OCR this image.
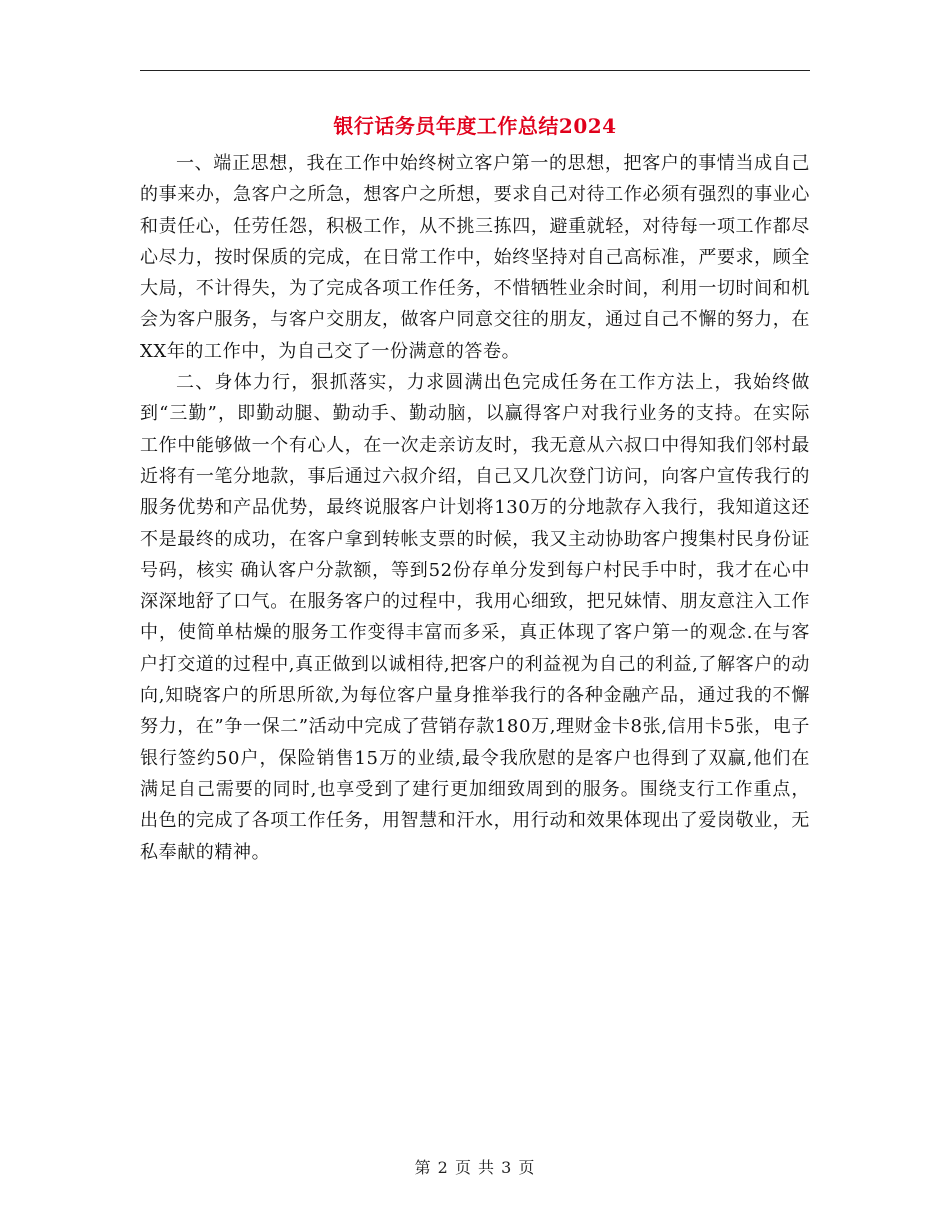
银行话务员年度工作总结2024

一、端正思想，我在工作中始终树立客户第一的思想，把客户的事情当成自己的事来办，急客户之所急，想客户之所想，要求自己对待工作必须有强烈的事业心和责任心，任劳任怨，积极工作，从不挑三拣四，避重就轻，对待每一项工作都尽心尽力，按时保质的完成，在日常工作中，始终坚持对自己高标准，严要求，顾全大局，不计得失，为了完成各项工作任务，不惜牺牲业余时间，利用一切时间和机会为客户服务，与客户交朋友，做客户同意交往的朋友，通过自己不懈的努力，在XX年的工作中，为自己交了一份满意的答卷。

二、身体力行，狠抓落实，力求圆满出色完成任务在工作方法上，我始终做到“三勤”，即勤动腿、勤动手、勤动脑，以赢得客户对我行业务的支持。在实际工作中能够做一个有心人，在一次走亲访友时，我无意从六叔口中得知我们邻村最近将有一笔分地款，事后通过六叔介绍，自己又几次登门访问，向客户宣传我行的服务优势和产品优势，最终说服客户计划将130万的分地款存入我行，我知道这还不是最终的成功，在客户拿到转帐支票的时候，我又主动协助客户搜集村民身份证号码，核实 确认客户分款额，等到52份存单分发到每户村民手中时，我才在心中深深地舒了口气。在服务客户的过程中，我用心细致，把兄妹情、朋友意注入工作中，使简单枯燥的服务工作变得丰富而多采，真正体现了客户第一的观念.在与客户打交道的过程中,真正做到以诚相待,把客户的利益视为自己的利益,了解客户的动向,知晓客户的所思所欲,为每位客户量身推举我行的各种金融产品，通过我的不懈努力，在”争一保二”活动中完成了营销存款180万,理财金卡8张,信用卡5张，电子银行签约50户，保险销售15万的业绩,最令我欣慰的是客户也得到了双赢,他们在满足自己需要的同时,也享受到了建行更加细致周到的服务。围绕支行工作重点，出色的完成了各项工作任务，用智慧和汗水，用行动和效果体现出了爱岗敬业，无私奉献的精神。

第 2 页 共 3 页
